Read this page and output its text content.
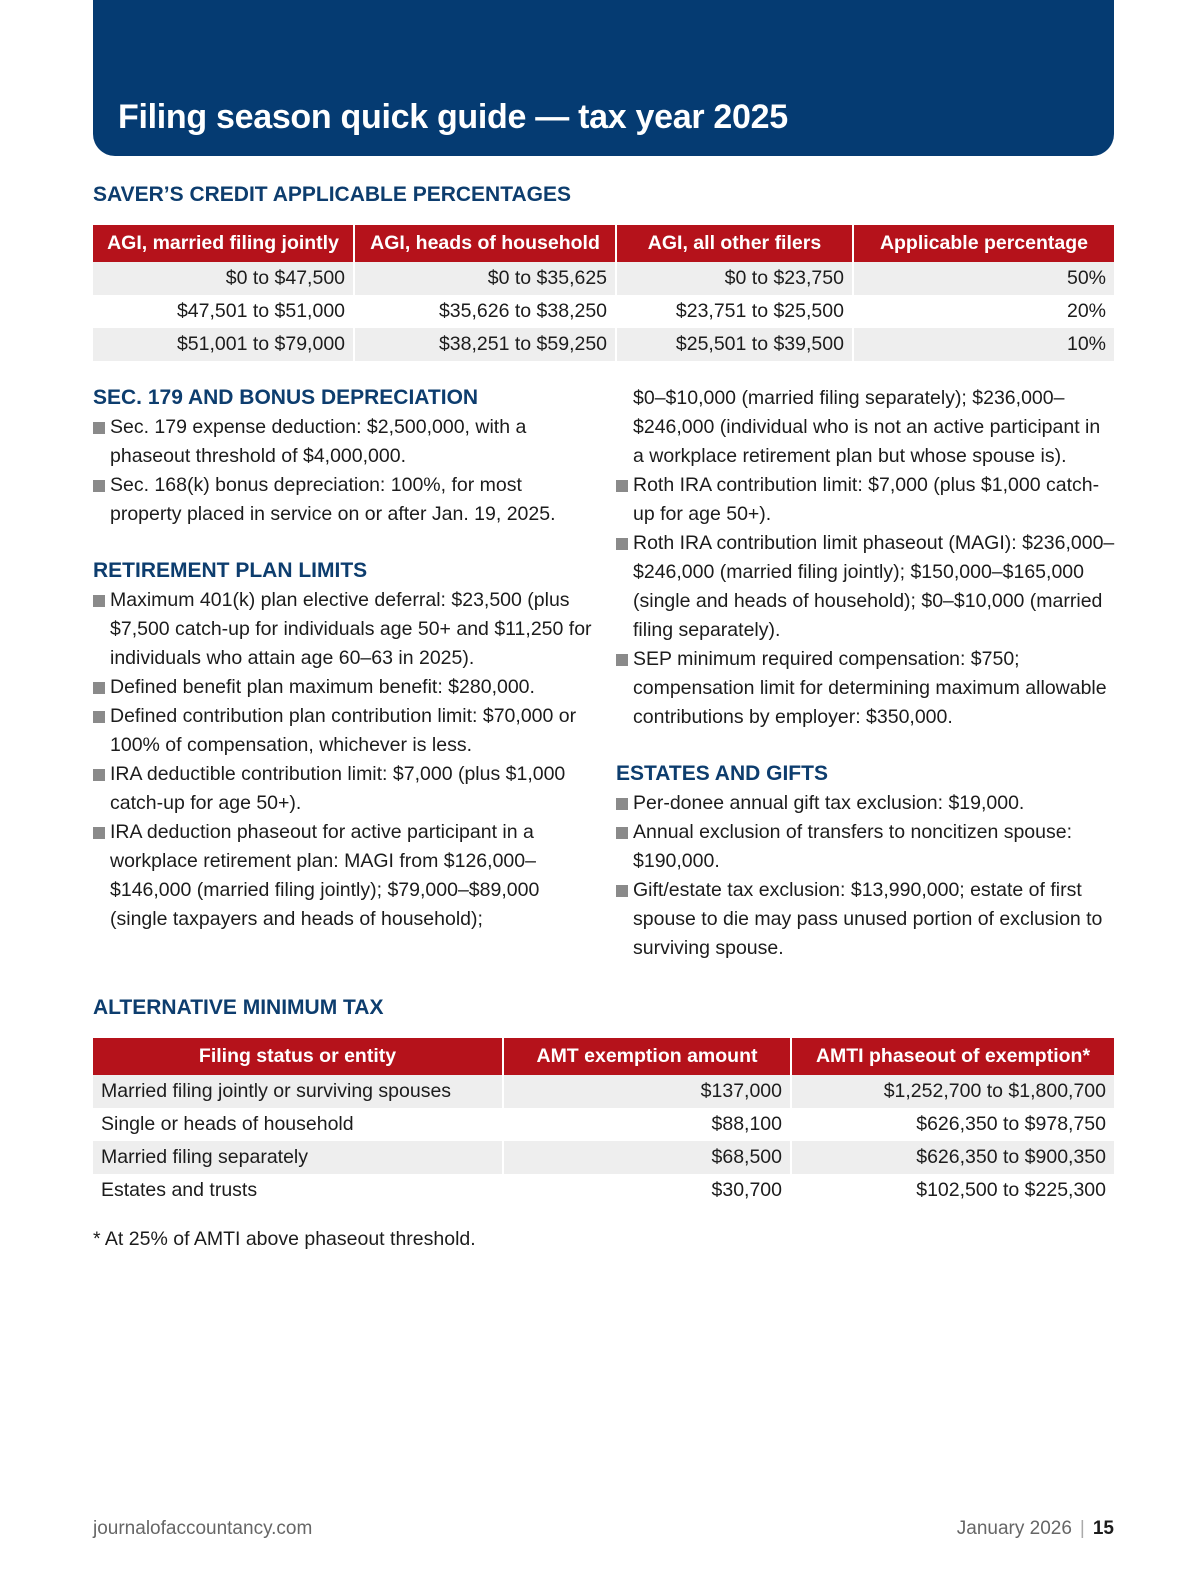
Filing season quick guide — tax year 2025
SAVER’S CREDIT APPLICABLE PERCENTAGES
AGI, married filing jointly	AGI, heads of household	AGI, all other filers	Applicable percentage
$0 to $47,500	$0 to $35,625	$0 to $23,750	50%
$47,501 to $51,000	$35,626 to $38,250	$23,751 to $25,500	20%
$51,001 to $79,000	$38,251 to $59,250	$25,501 to $39,500	10%
SEC. 179 AND BONUS DEPRECIATION
Sec. 179 expense deduction: $2,500,000, with a phaseout threshold of $4,000,000.
Sec. 168(k) bonus depreciation: 100%, for most property placed in service on or after Jan. 19, 2025.
RETIREMENT PLAN LIMITS
Maximum 401(k) plan elective deferral: $23,500 (plus $7,500 catch-up for individuals age 50+ and $11,250 for individuals who attain age 60–63 in 2025).
Defined benefit plan maximum benefit: $280,000.
Defined contribution plan contribution limit: $70,000 or 100% of compensation, whichever is less.
IRA deductible contribution limit: $7,000 (plus $1,000 catch-up for age 50+).
IRA deduction phaseout for active participant in a workplace retirement plan: MAGI from $126,000–$146,000 (married filing jointly); $79,000–$89,000 (single taxpayers and heads of household);
$0–$10,000 (married filing separately); $236,000–$246,000 (individual who is not an active participant in a workplace retirement plan but whose spouse is).
Roth IRA contribution limit: $7,000 (plus $1,000 catch-up for age 50+).
Roth IRA contribution limit phaseout (MAGI): $236,000–$246,000 (married filing jointly); $150,000–$165,000 (single and heads of household); $0–$10,000 (married filing separately).
SEP minimum required compensation: $750; compensation limit for determining maximum allowable contributions by employer: $350,000.
ESTATES AND GIFTS
Per-donee annual gift tax exclusion: $19,000.
Annual exclusion of transfers to noncitizen spouse: $190,000.
Gift/estate tax exclusion: $13,990,000; estate of first spouse to die may pass unused portion of exclusion to surviving spouse.
ALTERNATIVE MINIMUM TAX
Filing status or entity	AMT exemption amount	AMTI phaseout of exemption*
Married filing jointly or surviving spouses	$137,000	$1,252,700 to $1,800,700
Single or heads of household	$88,100	$626,350 to $978,750
Married filing separately	$68,500	$626,350 to $900,350
Estates and trusts	$30,700	$102,500 to $225,300
* At 25% of AMTI above phaseout threshold.
journalofaccountancy.com	January 2026 | 15
